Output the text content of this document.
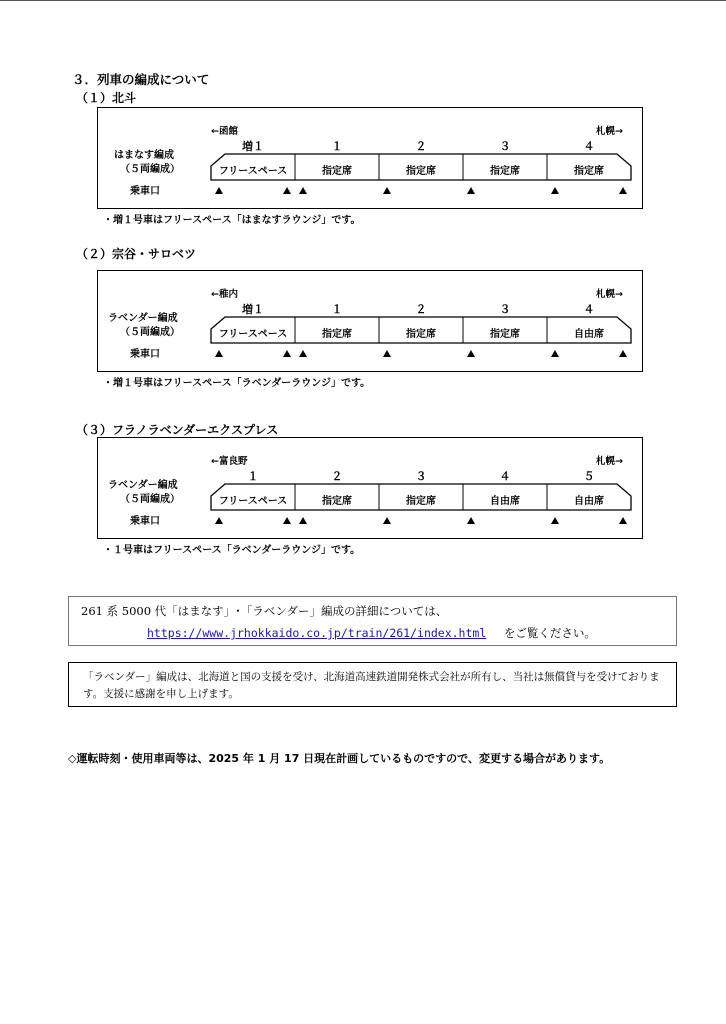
３．列車の編成について
（１）北斗
←函館	札幌→
はまなす編成
（５両編成）
乗車口
増１
フリースペース
１
指定席
２
指定席
３
指定席
４
指定席
・増１号車はフリースペース「はまなすラウンジ」です。
（２）宗谷・サロベツ
←稚内	札幌→
ラベンダー編成
（５両編成）
乗車口
増１
フリースペース
１
指定席
２
指定席
３
指定席
４
自由席
・増１号車はフリースペース「ラベンダーラウンジ」です。
（３）フラノラベンダーエクスプレス
←富良野	札幌→
ラベンダー編成
（５両編成）
乗車口
１
フリースペース
２
指定席
３
指定席
４
自由席
５
自由席
・１号車はフリースペース「ラベンダーラウンジ」です。
261 系 5000 代「はまなす」･「ラベンダー」編成の詳細については、
https://www.jrhokkaido.co.jp/train/261/index.html をご覧ください。
「ラベンダー」編成は、北海道と国の支援を受け、北海道高速鉄道開発株式会社が所有し、当社は無償貸与を受けております。支援に感謝を申し上げます。
◇運転時刻・使用車両等は、2025 年 1 月 17 日現在計画しているものですので、変更する場合があります。
